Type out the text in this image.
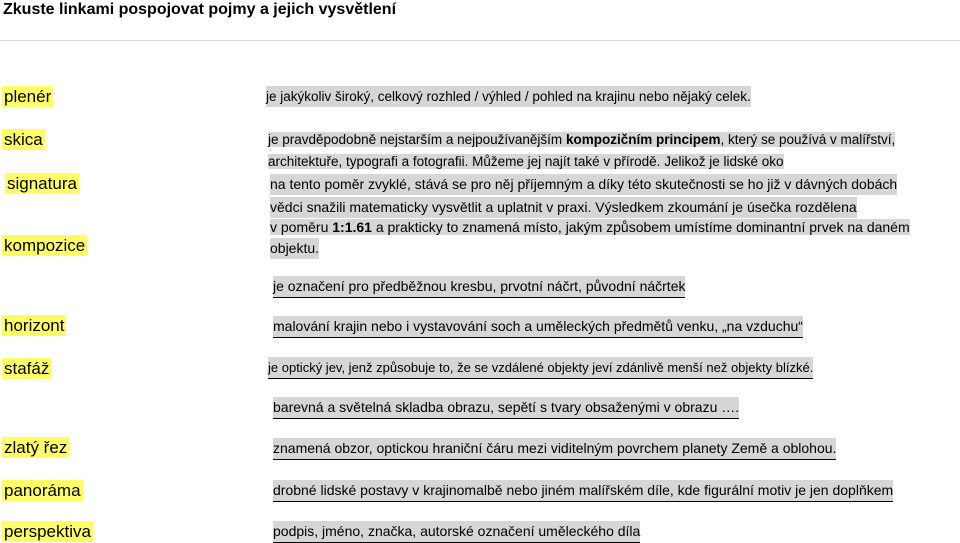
Zkuste linkami pospojovat pojmy a jejich vysvětlení
plenér
skica
signatura
kompozice
horizont
stafáž
zlatý řez
panoráma
perspektiva
je jakýkoliv široký, celkový rozhled / výhled / pohled na krajinu nebo nějaký celek.
je pravděpodobně nejstarším a nejpoužívanějším kompozičním principem, který se používá v malířství,
architektuře, typografi a fotografii. Můžeme jej najít také v přírodě. Jelikož je lidské oko
na tento poměr zvyklé, stává se pro něj příjemným a díky této skutečnosti se ho již v dávných dobách
vědci snažili matematicky vysvětlit a uplatnit v praxi. Výsledkem zkoumání je úsečka rozdělena
v poměru 1:1.61 a prakticky to znamená místo, jakým způsobem umístíme dominantní prvek na daném
objektu.
je označení pro předběžnou kresbu, prvotní náčrt, původní náčrtek
malování krajin nebo i vystavování soch a uměleckých předmětů venku, „na vzduchu“
je optický jev, jenž způsobuje to, že se vzdálené objekty jeví zdánlivě menší než objekty blízké.
barevná a světelná skladba obrazu, sepětí s tvary obsaženými v obrazu ….
znamená obzor, optickou hraniční čáru mezi viditelným povrchem planety Země a oblohou.
drobné lidské postavy v krajinomalbě nebo jiném malířském díle, kde figurální motiv je jen doplňkem
podpis, jméno, značka, autorské označení uměleckého díla
